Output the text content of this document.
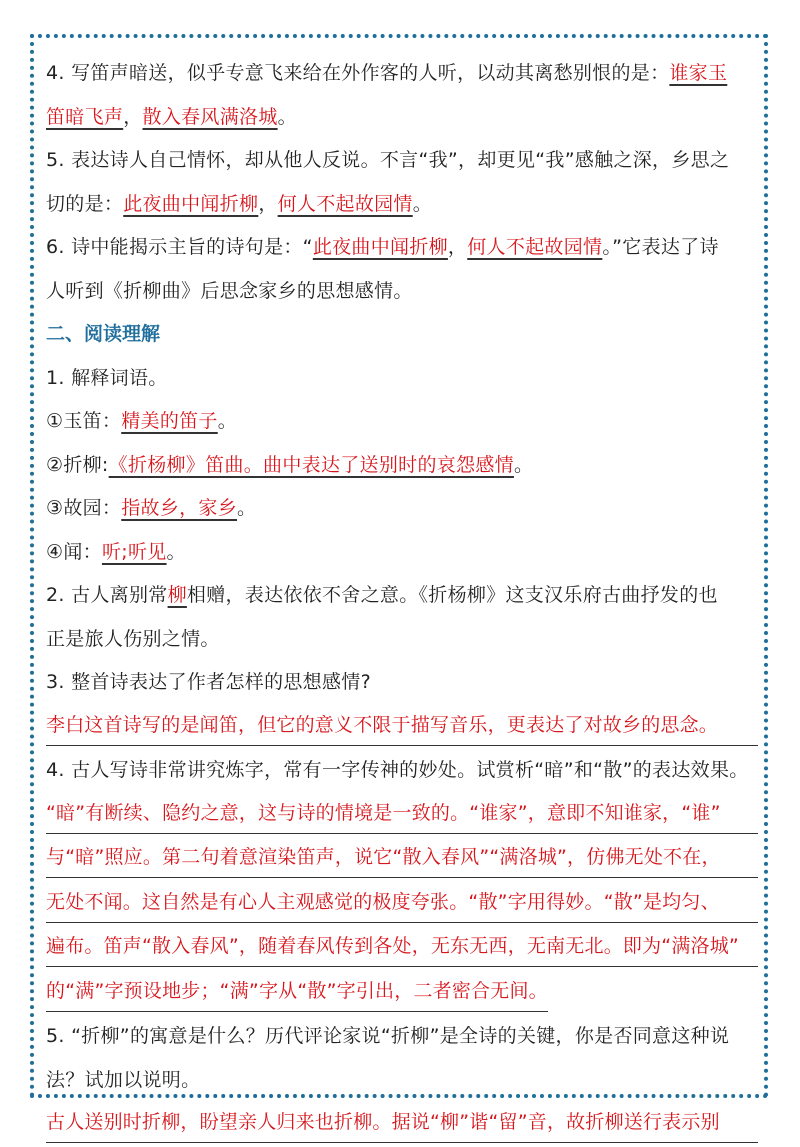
4. 写笛声暗送，似乎专意飞来给在外作客的人听，以动其离愁别恨的是：谁家玉
笛暗飞声，散入春风满洛城。
5. 表达诗人自己情怀，却从他人反说。不言“我”，却更见“我”感触之深，乡思之
切的是：此夜曲中闻折柳，何人不起故园情。
6. 诗中能揭示主旨的诗句是：“此夜曲中闻折柳，何人不起故园情。”它表达了诗
人听到《折柳曲》后思念家乡的思想感情。
二、阅读理解
1. 解释词语。
①玉笛：精美的笛子。
②折柳:《折杨柳》笛曲。曲中表达了送别时的哀怨感情。
③故园：指故乡，家乡。
④闻：听;听见。
2. 古人离别常柳相赠，表达依依不舍之意。《折杨柳》这支汉乐府古曲抒发的也
正是旅人伤别之情。
3. 整首诗表达了作者怎样的思想感情?
李白这首诗写的是闻笛，但它的意义不限于描写音乐，更表达了对故乡的思念。
4. 古人写诗非常讲究炼字，常有一字传神的妙处。试赏析“暗”和“散”的表达效果。
“暗”有断续、隐约之意，这与诗的情境是一致的。“谁家”，意即不知谁家，“谁”
与“暗”照应。第二句着意渲染笛声，说它“散入春风”“满洛城”，仿佛无处不在，
无处不闻。这自然是有心人主观感觉的极度夸张。“散”字用得妙。“散”是均匀、
遍布。笛声“散入春风”，随着春风传到各处，无东无西，无南无北。即为“满洛城”
的“满”字预设地步；“满”字从“散”字引出，二者密合无间。
5. “折柳”的寓意是什么？历代评论家说“折柳”是全诗的关键，你是否同意这种说
法？试加以说明。
古人送别时折柳，盼望亲人归来也折柳。据说“柳”谐“留”音，故折柳送行表示别
